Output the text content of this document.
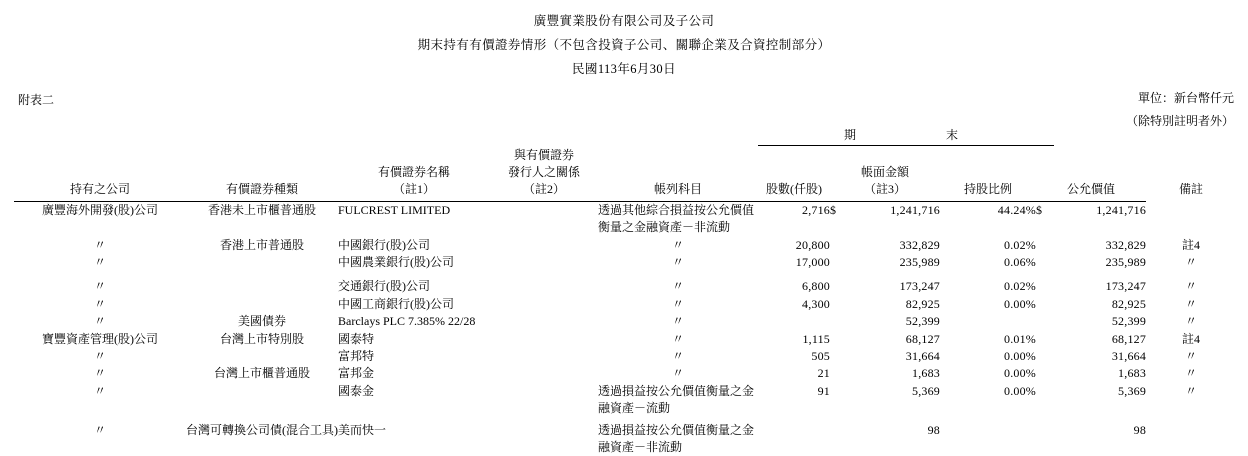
廣豐實業股份有限公司及子公司
期末持有有價證券情形（不包含投資子公司、關聯企業及合資控制部分）
民國113年6月30日
附表二	單位：新台幣仟元
（除特別註明者外）
					期 末						

持有之公司	有價證券種類	
有價證券名稱
（註1）

與有價證券
發行人之關係
（註2）	帳列科目	股數(仟股)	
帳面金額
（註3）	持股比例	公允價值	備註

廣豐海外開發(股)公司	香港未上市櫃普通股	FULCREST LIMITED		透過其他綜合損益按公允價值	2,716	$	1,241,716	44.24%	$	1,241,716	
				衡量之金融資產－非流動							
〃	香港上市普通股	中國銀行(股)公司		〃	20,800		332,829	0.02%		332,829	註4
〃		中國農業銀行(股)公司		〃	17,000		235,989	0.06%		235,989	〃

〃		交通銀行(股)公司		〃	6,800		173,247	0.02%		173,247	〃
〃		中國工商銀行(股)公司		〃	4,300		82,925	0.00%		82,925	〃
〃	美國債券	Barclays PLC 7.385% 22/28		〃			52,399			52,399	〃
寶豐資產管理(股)公司	台灣上市特別股	國泰特		〃	1,115		68,127	0.01%		68,127	註4
〃		富邦特		〃	505		31,664	0.00%		31,664	〃
〃	台灣上市櫃普通股	富邦金		〃	21		1,683	0.00%		1,683	〃
〃		國泰金		透過損益按公允價值衡量之金	91		5,369	0.00%		5,369	〃
				融資產－流動							

〃	台灣可轉換公司債(混合工具)	美而快一		透過損益按公允價值衡量之金			98			98	
				融資產－非流動							
